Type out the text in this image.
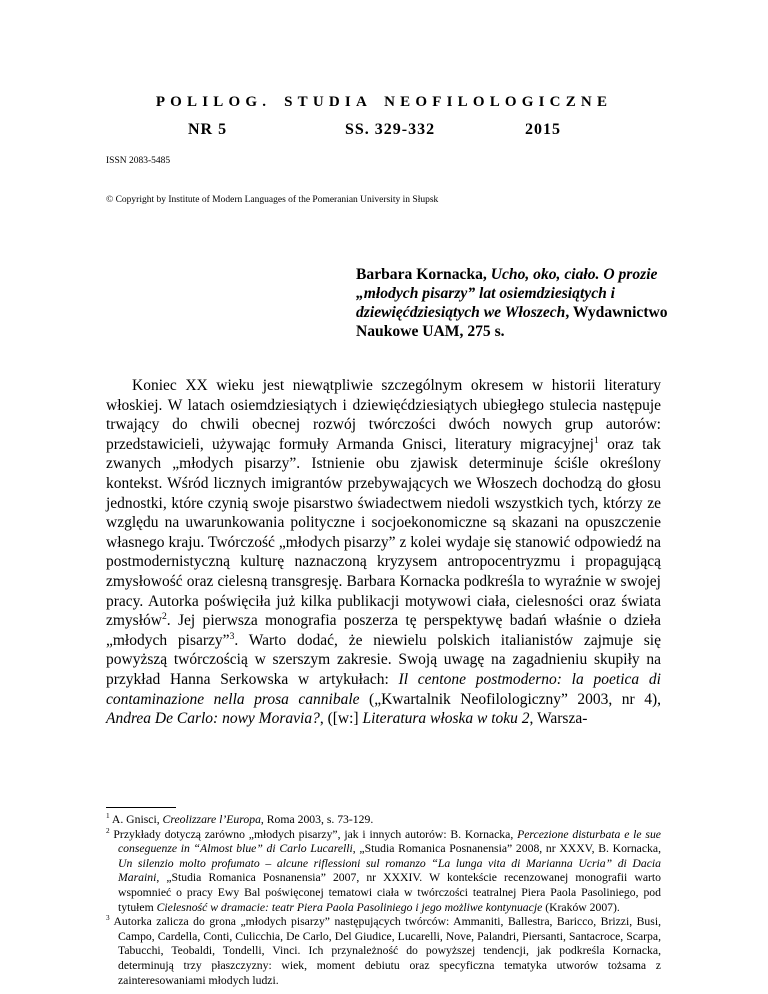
POLILOG. STUDIA NEOFILOLOGICZNE
NR 5	SS. 329-332	2015
ISSN 2083-5485
© Copyright by Institute of Modern Languages of the Pomeranian University in Słupsk
Barbara Kornacka, Ucho, oko, ciało. O prozie „młodych pisarzy” lat osiemdziesiątych i dziewięćdziesiątych we Włoszech, Wydawnictwo Naukowe UAM, 275 s.

Koniec XX wieku jest niewątpliwie szczególnym okresem w historii literatury włoskiej. W latach osiemdziesiątych i dziewięćdziesiątych ubiegłego stulecia następuje trwający do chwili obecnej rozwój twórczości dwóch nowych grup autorów: przedstawicieli, używając formuły Armanda Gnisci, literatury migracyjnej$^1$ oraz tak zwanych „młodych pisarzy”. Istnienie obu zjawisk determinuje ściśle określony kontekst. Wśród licznych imigrantów przebywających we Włoszech dochodzą do głosu jednostki, które czynią swoje pisarstwo świadectwem niedoli wszystkich tych, którzy ze względu na uwarunkowania polityczne i socjoekonomiczne są skazani na opuszczenie własnego kraju. Twórczość „młodych pisarzy” z kolei wydaje się stanowić odpowiedź na postmodernistyczną kulturę naznaczoną kryzysem antropocentryzmu i propagującą zmysłowość oraz cielesną transgresję. Barbara Kornacka podkreśla to wyraźnie w swojej pracy. Autorka poświęciła już kilka publikacji motywowi ciała, cielesności oraz świata zmysłów$^2$. Jej pierwsza monografia poszerza tę perspektywę badań właśnie o dzieła „młodych pisarzy”$^3$. Warto dodać, że niewielu polskich italianistów zajmuje się powyższą twórczością w szerszym zakresie. Swoją uwagę na zagadnieniu skupiły na przykład Hanna Serkowska w artykułach: Il centone postmoderno: la poetica di contaminazione nella prosa cannibale („Kwartalnik Neofilologiczny” 2003, nr 4), Andrea De Carlo: nowy Moravia?, ([w:] Literatura włoska w toku 2, Warsza-

$^1$ A. Gnisci, Creolizzare l’Europa, Roma 2003, s. 73-129.

$^2$ Przykłady dotyczą zarówno „młodych pisarzy”, jak i innych autorów: B. Kornacka, Percezione disturbata e le sue conseguenze in “Almost blue” di Carlo Lucarelli, „Studia Romanica Posnanensia” 2008, nr XXXV, B. Kornacka, Un silenzio molto profumato – alcune riflessioni sul romanzo “La lunga vita di Marianna Ucria” di Dacia Maraini, „Studia Romanica Posnanensia” 2007, nr XXXIV. W kontekście recenzowanej monografii warto wspomnieć o pracy Ewy Bal poświęconej tematowi ciała w twórczości teatralnej Piera Paola Pasoliniego, pod tytułem Cielesność w dramacie: teatr Piera Paola Pasoliniego i jego możliwe kontynuacje (Kraków 2007).

$^3$ Autorka zalicza do grona „młodych pisarzy” następujących twórców: Ammaniti, Ballestra, Baricco, Brizzi, Busi, Campo, Cardella, Conti, Culicchia, De Carlo, Del Giudice, Lucarelli, Nove, Palandri, Piersanti, Santacroce, Scarpa, Tabucchi, Teobaldi, Tondelli, Vinci. Ich przynależność do powyższej tendencji, jak podkreśla Kornacka, determinują trzy płaszczyzny: wiek, moment debiutu oraz specyficzna tematyka utworów tożsama z zainteresowaniami młodych ludzi.
